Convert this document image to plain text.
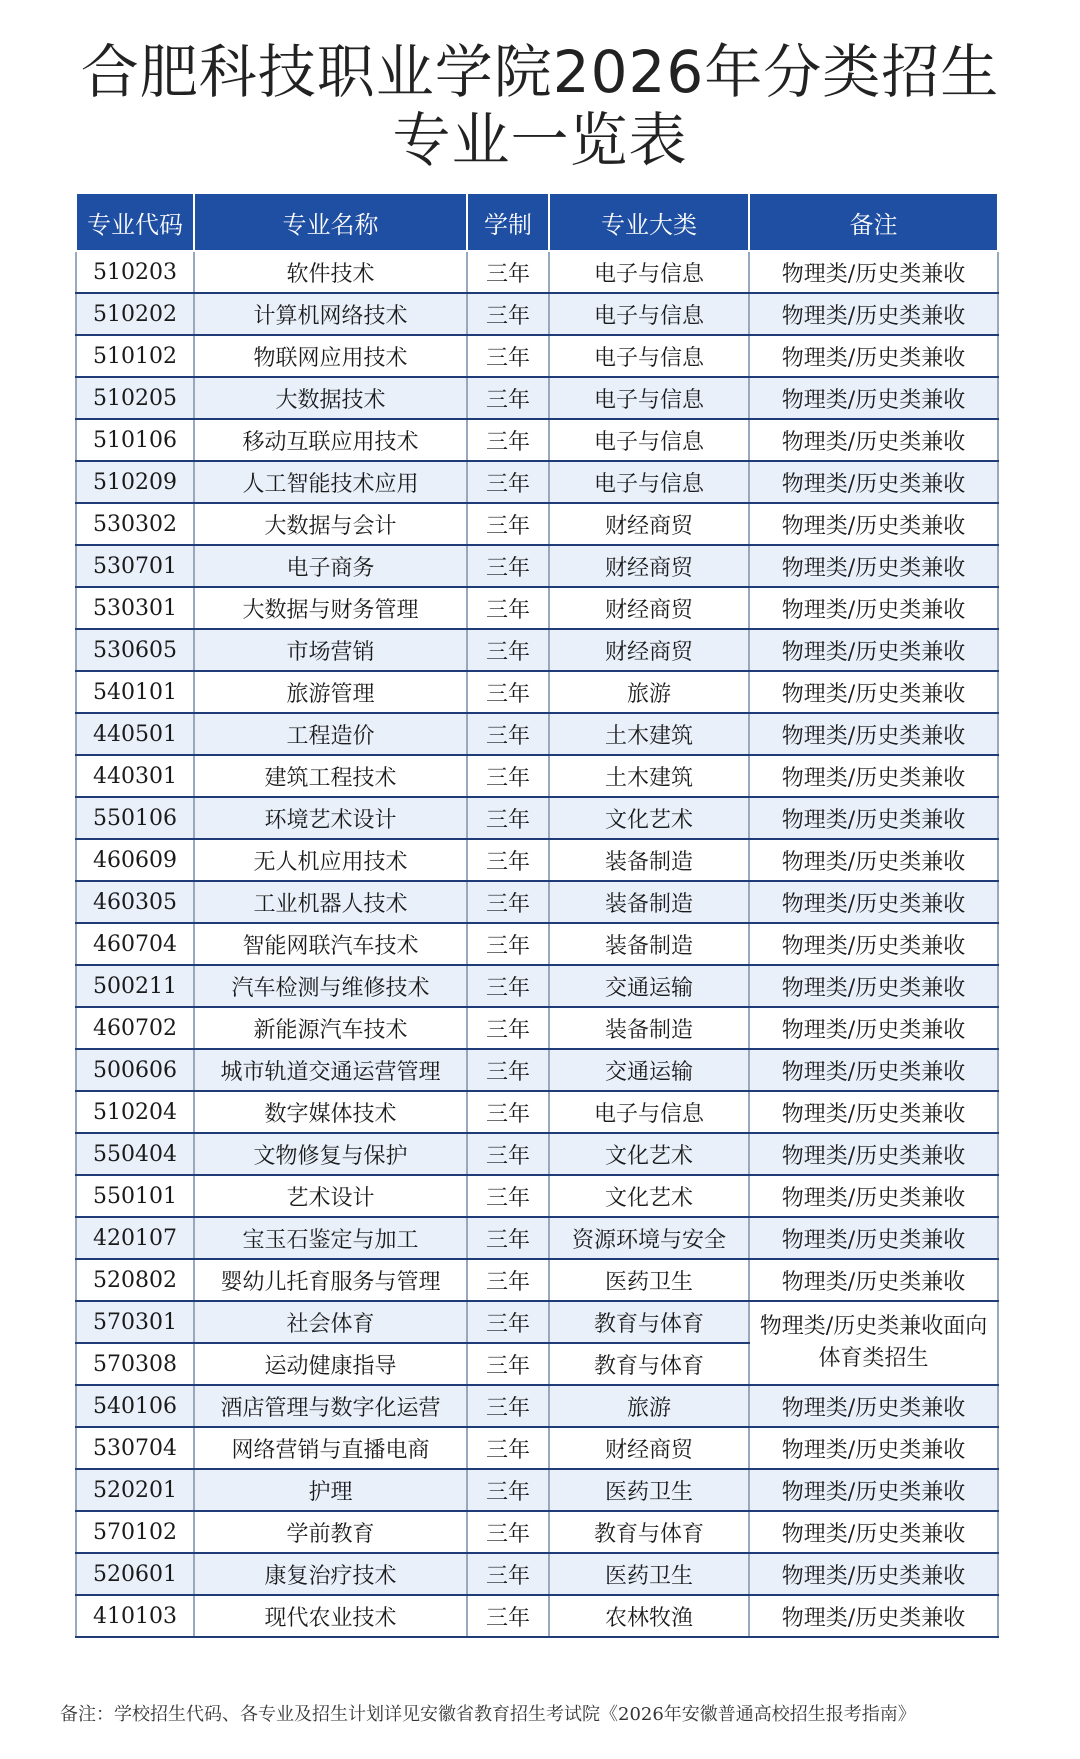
合肥科技职业学院2026年分类招生
专业一览表
专业代码	专业名称	学制	专业大类	备注
510203	软件技术	三年	电子与信息	物理类/历史类兼收
510202	计算机网络技术	三年	电子与信息	物理类/历史类兼收
510102	物联网应用技术	三年	电子与信息	物理类/历史类兼收
510205	大数据技术	三年	电子与信息	物理类/历史类兼收
510106	移动互联应用技术	三年	电子与信息	物理类/历史类兼收
510209	人工智能技术应用	三年	电子与信息	物理类/历史类兼收
530302	大数据与会计	三年	财经商贸	物理类/历史类兼收
530701	电子商务	三年	财经商贸	物理类/历史类兼收
530301	大数据与财务管理	三年	财经商贸	物理类/历史类兼收
530605	市场营销	三年	财经商贸	物理类/历史类兼收
540101	旅游管理	三年	旅游	物理类/历史类兼收
440501	工程造价	三年	土木建筑	物理类/历史类兼收
440301	建筑工程技术	三年	土木建筑	物理类/历史类兼收
550106	环境艺术设计	三年	文化艺术	物理类/历史类兼收
460609	无人机应用技术	三年	装备制造	物理类/历史类兼收
460305	工业机器人技术	三年	装备制造	物理类/历史类兼收
460704	智能网联汽车技术	三年	装备制造	物理类/历史类兼收
500211	汽车检测与维修技术	三年	交通运输	物理类/历史类兼收
460702	新能源汽车技术	三年	装备制造	物理类/历史类兼收
500606	城市轨道交通运营管理	三年	交通运输	物理类/历史类兼收
510204	数字媒体技术	三年	电子与信息	物理类/历史类兼收
550404	文物修复与保护	三年	文化艺术	物理类/历史类兼收
550101	艺术设计	三年	文化艺术	物理类/历史类兼收
420107	宝玉石鉴定与加工	三年	资源环境与安全	物理类/历史类兼收
520802	婴幼儿托育服务与管理	三年	医药卫生	物理类/历史类兼收
570301	社会体育	三年	教育与体育	物理类/历史类兼收面向体育类招生
570308	运动健康指导	三年	教育与体育	
540106	酒店管理与数字化运营	三年	旅游	物理类/历史类兼收
530704	网络营销与直播电商	三年	财经商贸	物理类/历史类兼收
520201	护理	三年	医药卫生	物理类/历史类兼收
570102	学前教育	三年	教育与体育	物理类/历史类兼收
520601	康复治疗技术	三年	医药卫生	物理类/历史类兼收
410103	现代农业技术	三年	农林牧渔	物理类/历史类兼收
备注：学校招生代码、各专业及招生计划详见安徽省教育招生考试院《2026年安徽普通高校招生报考指南》
